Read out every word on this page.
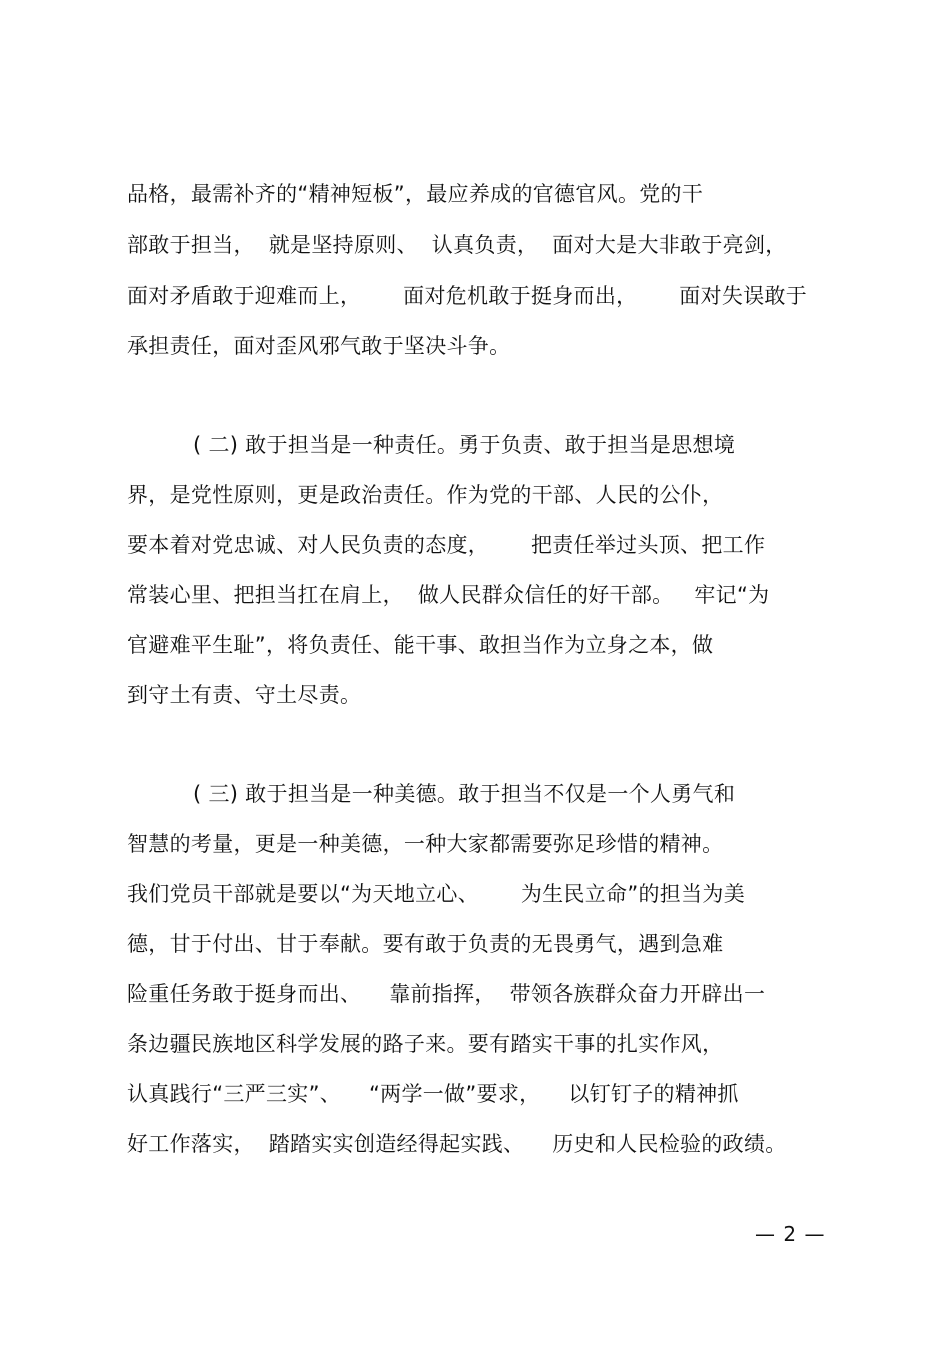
品格，最需补齐的“精神短板”，最应养成的官德官风。党的干
部敢于担当，  就是坚持原则、  认真负责，  面对大是大非敢于亮剑，
面对矛盾敢于迎难而上，      面对危机敢于挺身而出，      面对失误敢于
承担责任，面对歪风邪气敢于坚决斗争。
( 二) 敢于担当是一种责任。勇于负责、敢于担当是思想境
界，是党性原则，更是政治责任。作为党的干部、人民的公仆，
要本着对党忠诚、对人民负责的态度，      把责任举过头顶、把工作
常装心里、把担当扛在肩上，  做人民群众信任的好干部。   牢记“为
官避难平生耻”，将负责任、能干事、敢担当作为立身之本，做
到守土有责、守土尽责。
( 三) 敢于担当是一种美德。敢于担当不仅是一个人勇气和
智慧的考量，更是一种美德，一种大家都需要弥足珍惜的精神。
我们党员干部就是要以“为天地立心、      为生民立命”的担当为美
德，甘于付出、甘于奉献。要有敢于负责的无畏勇气，遇到急难
险重任务敢于挺身而出、    靠前指挥，  带领各族群众奋力开辟出一
条边疆民族地区科学发展的路子来。要有踏实干事的扎实作风，
认真践行“三严三实”、    “两学一做”要求，    以钉钉子的精神抓
好工作落实，  踏踏实实创造经得起实践、    历史和人民检验的政绩。
— 2 —
